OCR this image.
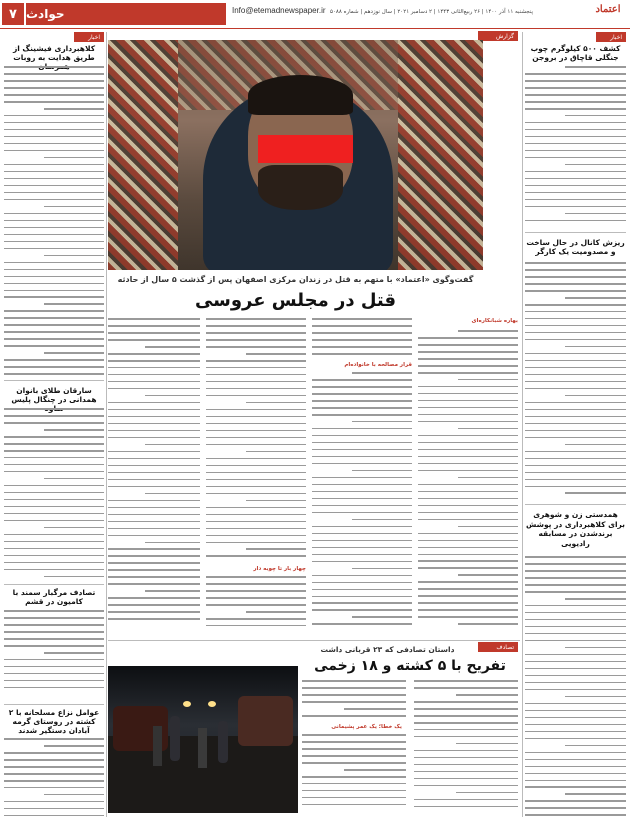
۷ حوادث	Info@etemadnewspaper.ir پنجشنبه ۱۱ آذر ۱۴۰۰ | ۲۶ ربیع‌الثانی ۱۴۴۳ | ۲ دسامبر ۲۰۲۱ | سال نوزدهم | شماره ۵۰۸۸	اعتماد
اخبار
کلاهبرداری فیشینگ از طریق هدایت به روبات
سارقان طلای بانوان همدانی در چنگال پلیس
تصادف مرگبار سمند با کامیون در قشم
عوامل نزاع مسلحانه با ۲ کشته در روستای گرمه آبادان دستگیر شدند
اخبار
کشف ۵۰۰ کیلوگرم چوب جنگلی قاچاق در بروجن
ریزش کانال در حال ساخت و مصدومیت یک کارگر
همدستی زن و شوهری برای کلاهبرداری در پوشش برندشدن در مسابقه رادیویی
گزارش
گفت‌وگوی «اعتماد» با متهم به قتل در زندان مرکزی اصفهان پس از گذشت ۵ سال از حادثه
قتل در مجلس عروسی
بهاره شبانکاره‌ای
قرار مصالحه با خانواده‌ام
چهار بار تا چوبه دار
تصادف
داستان تصادفی که ۲۳ قربانی داشت
تفریح با ۵ کشته و ۱۸ زخمی
یک خطا؛ یک عمر پشیمانی
